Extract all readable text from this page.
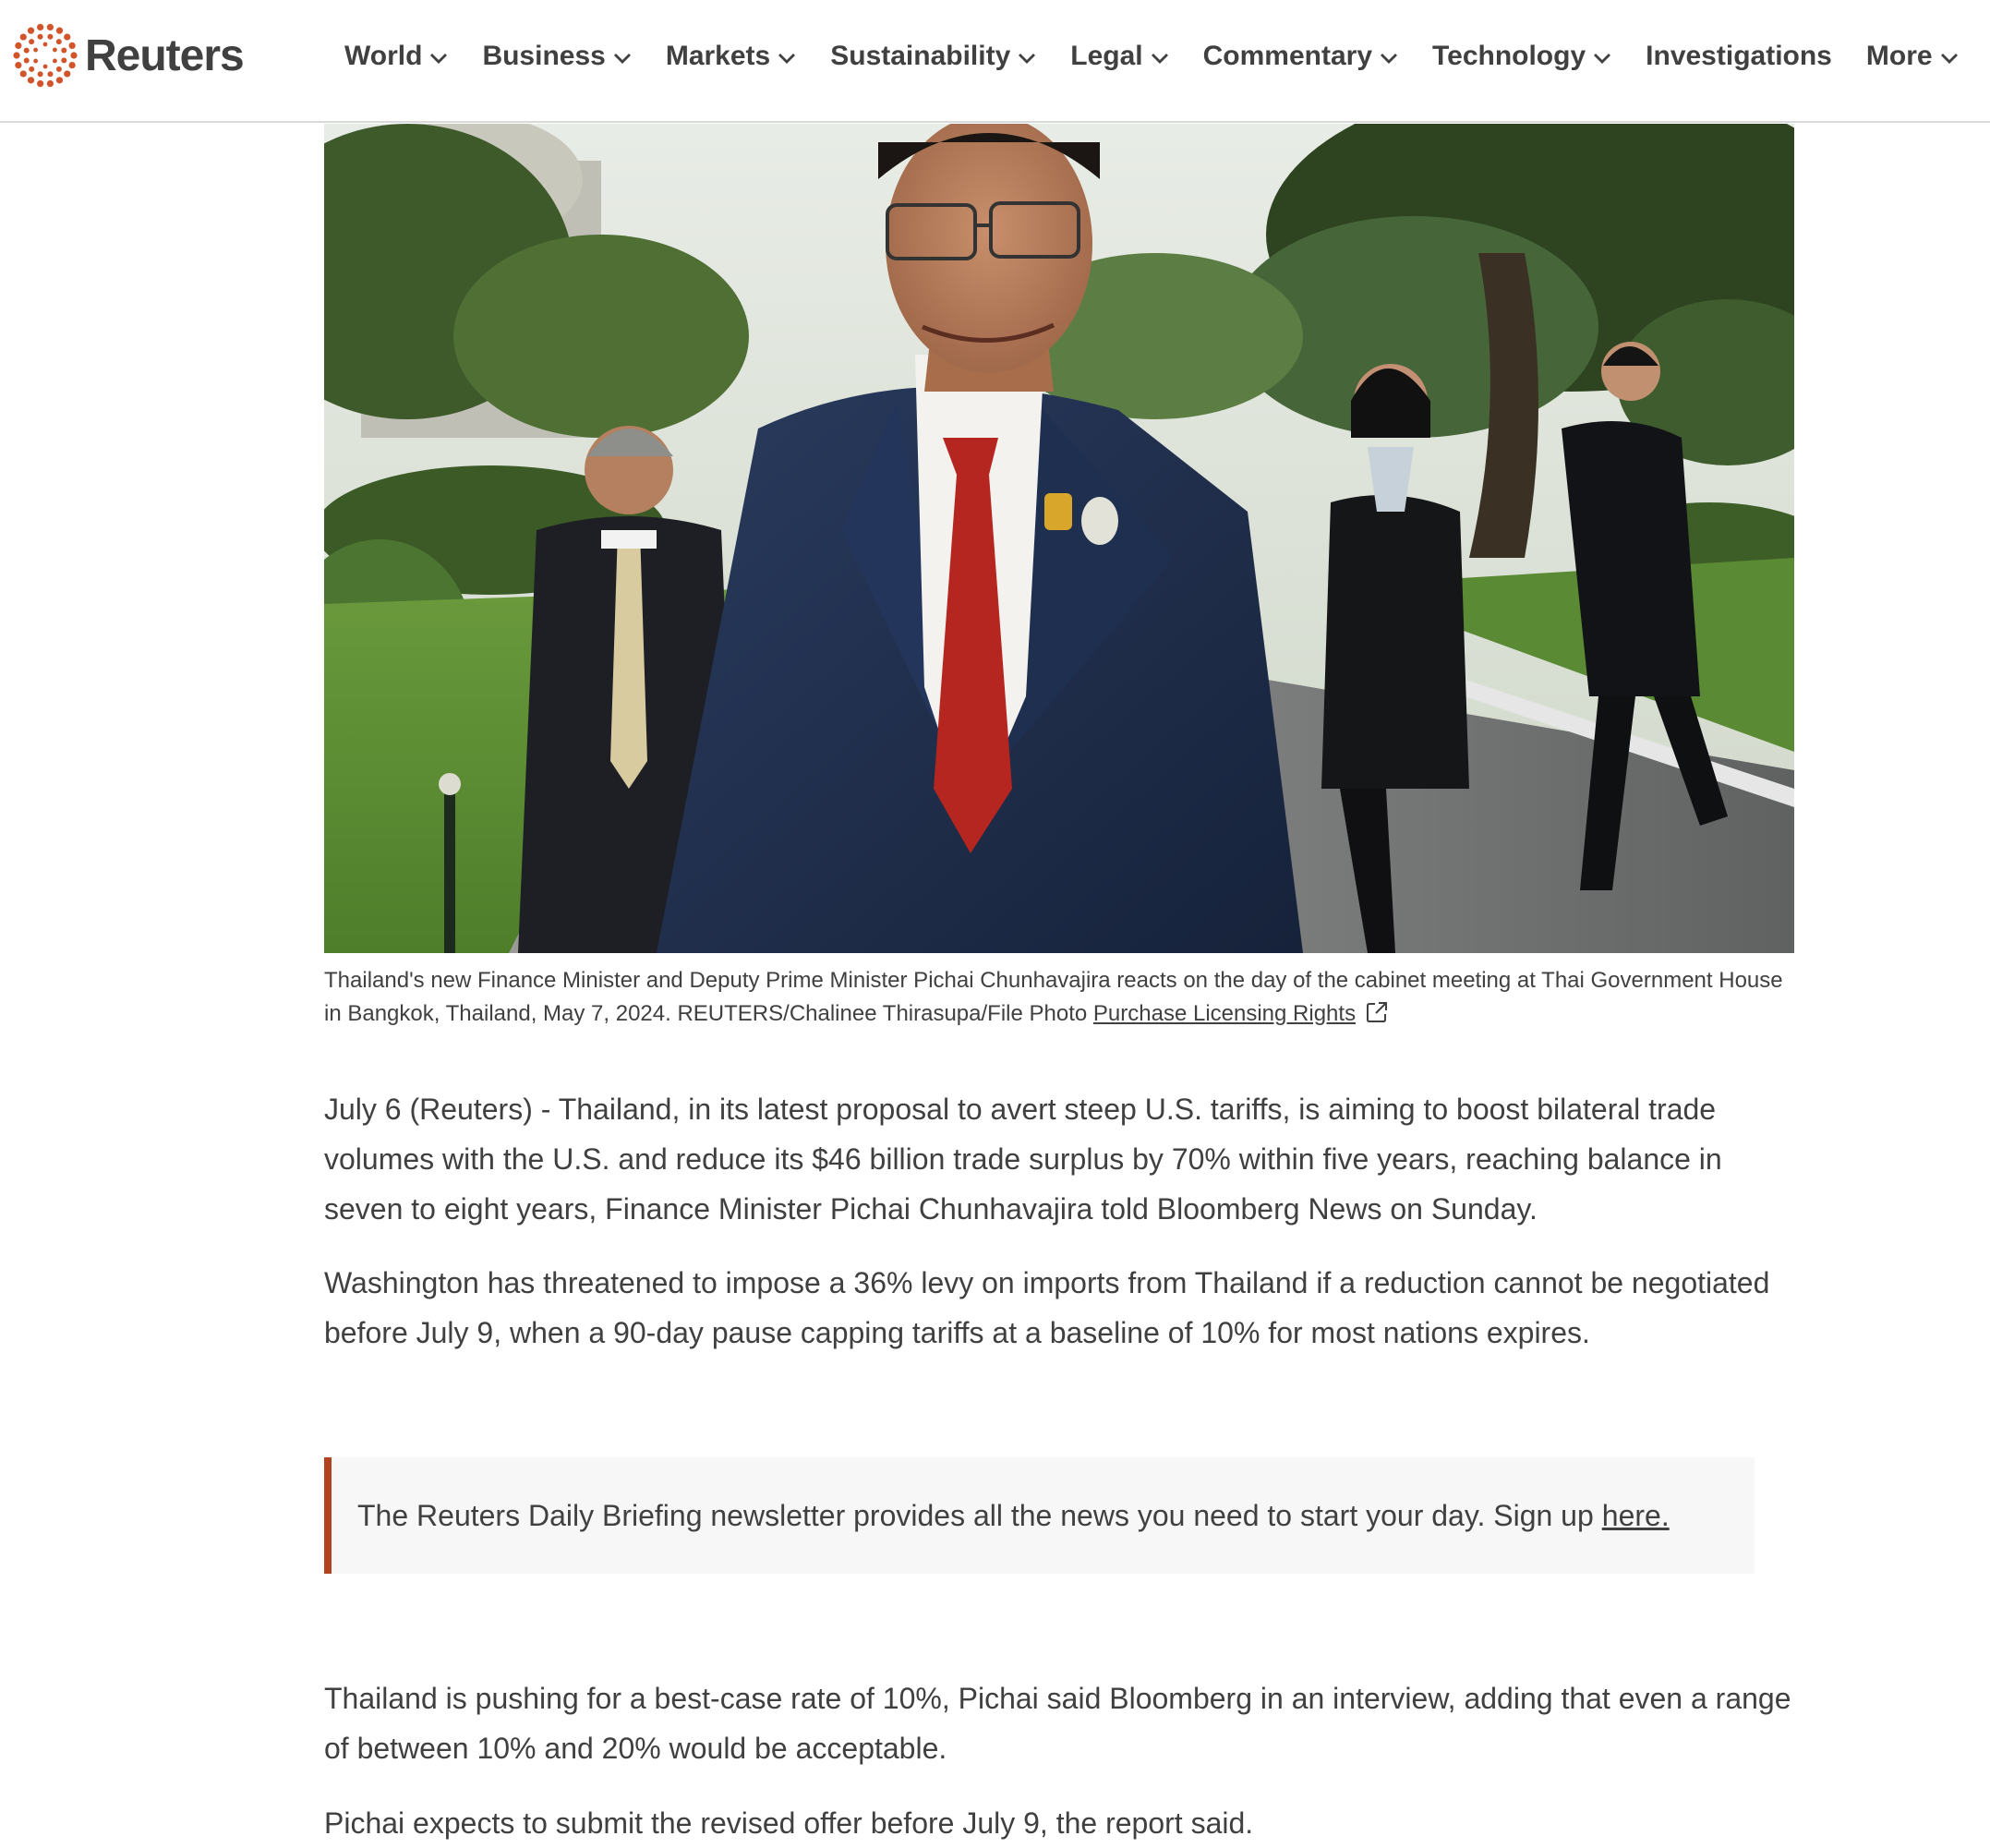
Reuters	World Business Markets Sustainability Legal Commentary Technology Investigations More
Thailand's new Finance Minister and Deputy Prime Minister Pichai Chunhavajira reacts on the day of the cabinet meeting at Thai Government House in Bangkok, Thailand, May 7, 2024. REUTERS/Chalinee Thirasupa/File Photo Purchase Licensing Rights

July 6 (Reuters) - Thailand, in its latest proposal to avert steep U.S. tariffs, is aiming to boost bilateral trade volumes with the U.S. and reduce its $46 billion trade surplus by 70% within five years, reaching balance in seven to eight years, Finance Minister Pichai Chunhavajira told Bloomberg News on Sunday.

Washington has threatened to impose a 36% levy on imports from Thailand if a reduction cannot be negotiated before July 9, when a 90-day pause capping tariffs at a baseline of 10% for most nations expires.

The Reuters Daily Briefing newsletter provides all the news you need to start your day. Sign up here.

Thailand is pushing for a best-case rate of 10%, Pichai said Bloomberg in an interview, adding that even a range of between 10% and 20% would be acceptable.

Pichai expects to submit the revised offer before July 9, the report said.
